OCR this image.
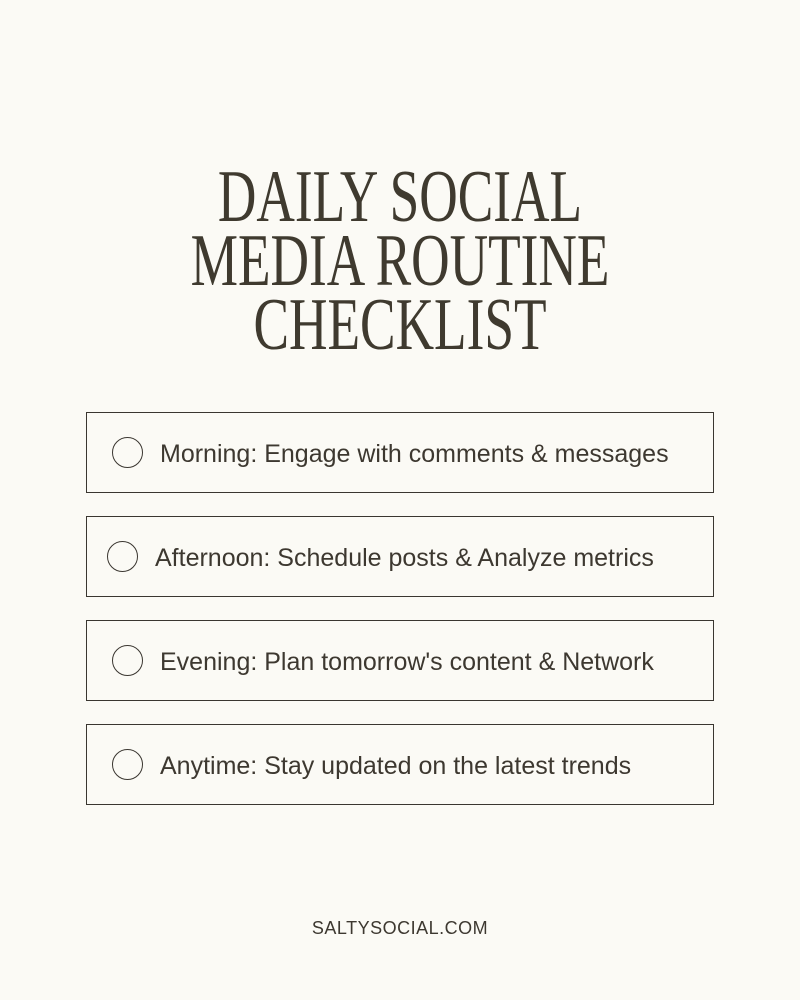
DAILY SOCIAL
MEDIA ROUTINE
CHECKLIST
Morning: Engage with comments & messages
Afternoon: Schedule posts & Analyze metrics
Evening: Plan tomorrow's content & Network
Anytime: Stay updated on the latest trends
SALTYSOCIAL.COM
